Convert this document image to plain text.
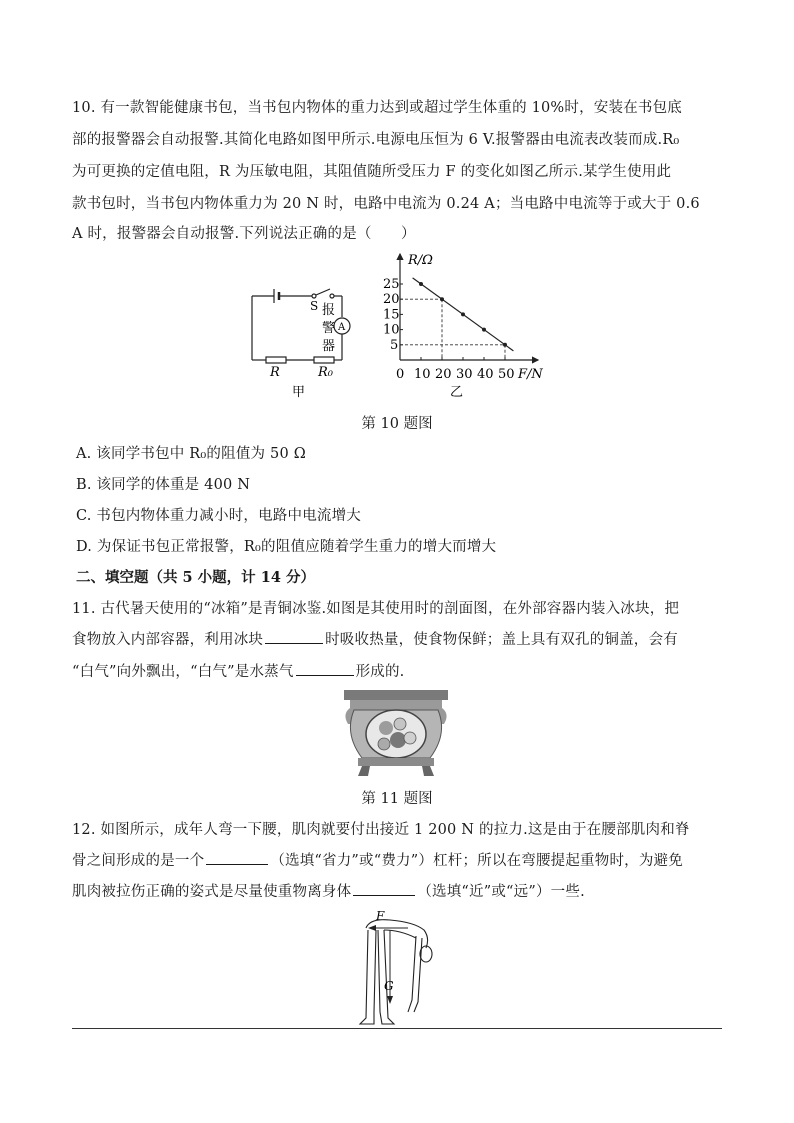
10. 有一款智能健康书包，当书包内物体的重力达到或超过学生体重的 10%时，安装在书包底
部的报警器会自动报警.其简化电路如图甲所示.电源电压恒为 6 V.报警器由电流表改装而成.R₀
为可更换的定值电阻，R 为压敏电阻，其阻值随所受压力 F 的变化如图乙所示.某学生使用此
款书包时，当书包内物体重力为 20 N 时，电路中电流为 0.24 A；当电路中电流等于或大于 0.6
A 时，报警器会自动报警.下列说法正确的是（　　）
S
A
报
警
器
R	R₀
甲
R/Ω
F/N
0
乙
10 20 30 40 50
25
20
15
10
5
第 10 题图
A. 该同学书包中 R₀的阻值为 50 Ω
B. 该同学的体重是 400 N
C. 书包内物体重力减小时，电路中电流增大
D. 为保证书包正常报警，R₀的阻值应随着学生重力的增大而增大
二、填空题（共 5 小题，计 14 分）
11. 古代暑天使用的“冰箱”是青铜冰鉴.如图是其使用时的剖面图，在外部容器内装入冰块，把
食物放入内部容器，利用冰块	时吸收热量，使食物保鲜；盖上具有双孔的铜盖，会有
“白气”向外飘出，“白气”是水蒸气	形成的.
第 11 题图
12. 如图所示，成年人弯一下腰，肌肉就要付出接近 1 200 N 的拉力.这是由于在腰部肌肉和脊
骨之间形成的是一个	（选填“省力”或“费力”）杠杆；所以在弯腰提起重物时，为避免
肌肉被拉伤正确的姿式是尽量使重物离身体	（选填“近”或“远”）一些.
F
G
